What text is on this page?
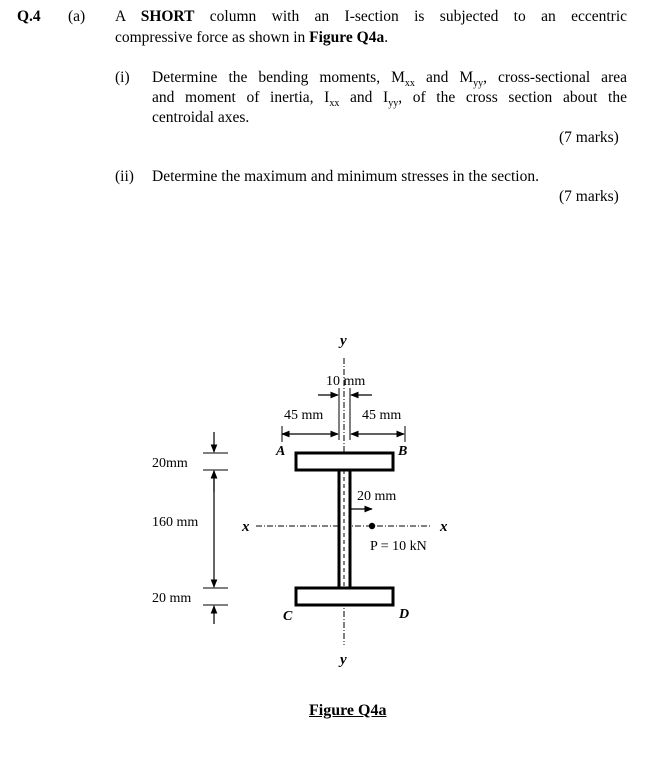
Q.4 (a) A SHORT column with an I-section is subjected to an eccentric
compressive force as shown in Figure Q4a.
(i) Determine the bending moments, $M_{xx}$ and $M_{yy}$, cross-sectional area
and moment of inertia, $I_{xx}$ and $I_{yy}$, of the cross section about the
centroidal axes.
(7 marks)
(ii) Determine the maximum and minimum stresses in the section.
(7 marks)
y
y
x	x
10 mm
45 mm	45 mm
20 mm
P = 10 kN
20mm
160 mm
20 mm
A	B
C	D
Figure Q4a
